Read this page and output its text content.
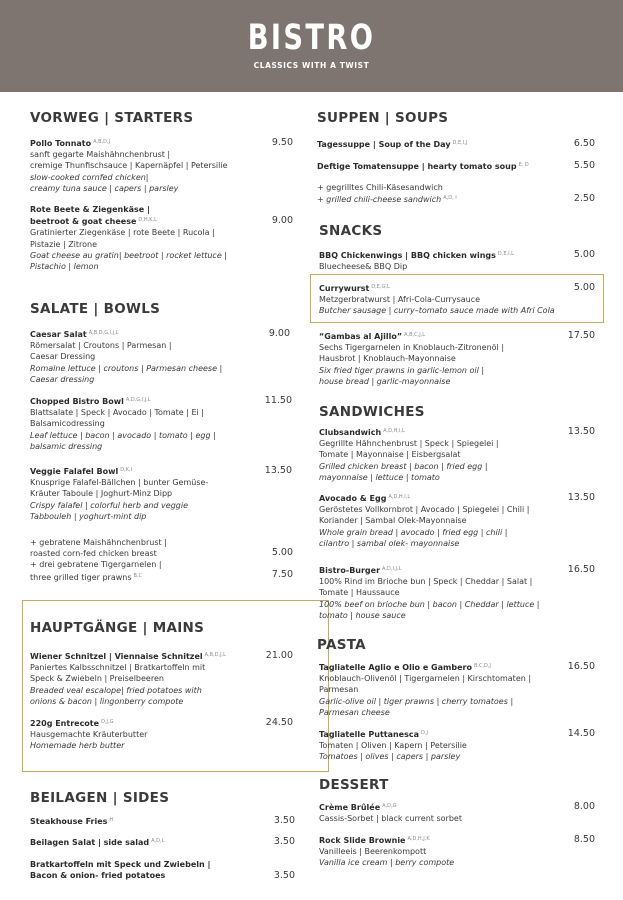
BISTRO
CLASSICS WITH A TWIST
VORWEG | STARTERS
Pollo Tonnato $^{A,B,D,J}$
sanft gegarte Maishähnchenbrust |
cremige Thunfischsauce | Kapernäpfel | Petersilie
slow-cooked cornfed chicken|
creamy tuna sauce | capers | parsley
9.50
Rote Beete & Ziegenkäse |
beetroot & goat cheese $^{D,H,K,L}$
Gratinierter Ziegenkäse | rote Beete | Rucola |
Pistazie | Zitrone
Goat cheese au gratin| beetroot | rocket lettuce |
Pistachio | lemon
9.00
SALATE | BOWLS
Caesar Salat $^{A,B,D,G,I,J,L}$
Römersalat | Croutons | Parmesan |
Caesar Dressing
Romaine lettuce | croutons | Parmesan cheese |
Caesar dressing
9.00
Chopped Bistro Bowl $^{A,D,G,I,J,L}$
Blattsalate | Speck | Avocado | Tomate | Ei |
Balsamicodressing
Leaf lettuce | bacon | avocado | tomato | egg |
balsamic dressing
11.50
Veggie Falafel Bowl $^{D,K,I}$
Knusprige Falafel-Bällchen | bunter Gemüse-
Kräuter Taboule | Joghurt-Minz Dipp
Crispy falafel | colorful herb and veggie
Tabbouleh | yoghurt-mint dip
13.50
+ gebratene Maishähnchenbrust |
roasted corn-fed chicken breast
+ drei gebratene Tigergarnelen |
three grilled tiger prawns $^{B,C}$
5.00
7.50
HAUPTGÄNGE | MAINS
Wiener Schnitzel | Viennaise Schnitzel $^{A,B,D,J,L}$
Paniertes Kalbsschnitzel | Bratkartoffeln mit
Speck & Zwiebeln | Preiselbeeren
Breaded veal escalope| fried potatoes with
onions & bacon | lingonberry compote
21.00
220g Entrecote $^{D,J,G}$
Hausgemachte Kräuterbutter
Homemade herb butter
24.50
BEILAGEN | SIDES
Steakhouse Fries $^H$	3.50
Beilagen Salat | side salad $^{A,D,L}$	3.50
Bratkartoffeln mit Speck und Zwiebeln |
Bacon & onion- fried potatoes	3.50
SUPPEN | SOUPS
Tagessuppe | Soup of the Day $^{D,E,I,J}$	6.50
Deftige Tomatensuppe | hearty tomato soup $^{E, D}$	5.50
+ gegrilltes Chili-Käsesandwich
+ grilled chili-cheese sandwich $^{A,D, I}$	2.50
SNACKS
BBQ Chickenwings | BBQ chicken wings $^{D,E,I,L}$
Bluecheese& BBQ Dip
5.00
Currywurst $^{D,E,G,L}$
Metzgerbratwurst | Afri-Cola-Currysauce
Butcher sausage | curry–tomato sauce made with Afri Cola
5.00
“Gambas al Ajillo” $^{A,B,C,J,L}$
Sechs Tigergarnelen in Knoblauch-Zitronenöl |
Hausbrot | Knoblauch-Mayonnaise
Six fried tiger prawns in garlic-lemon oil |
house bread | garlic-mayonnaise
17.50
SANDWICHES
Clubsandwich $^{A,D,H,I,L}$
Gegrillte Hähnchenbrust | Speck | Spiegelei |
Tomate | Mayonnaise | Eisbergsalat
Grilled chicken breast | bacon | fried egg |
mayonnaise | lettuce | tomato
13.50
Avocado & Egg $^{A,D,H,I,L}$
Geröstetes Vollkornbrot | Avocado | Spiegelei | Chili |
Koriander | Sambal Olek-Mayonnaise
Whole grain bread | avocado | fried egg | chili |
cilantro | sambal olek- mayonnaise
13.50
Bistro-Burger $^{A,D,I,J,L}$
100% Rind im Brioche bun | Speck | Cheddar | Salat |
Tomate | Haussauce
100% beef on brioche bun | bacon | Cheddar | lettuce |
tomato | house sauce
16.50
PASTA
Tagliatelle Aglio e Olio e Gambero $^{B,C,D,J}$
Knoblauch-Olivenöl | Tigergarnelen | Kirschtomaten |
Parmesan
Garlic-olive oil | tiger prawns | cherry tomatoes |
Parmesan cheese
16.50
Tagliatelle Puttanesca $^{D,J}$
Tomaten | Oliven | Kapern | Petersilie
Tomatoes | olives | capers | parsley
14.50
DESSERT
Crème Brûlée $^{A,D,G}$
Cassis-Sorbet | black current sorbet
8.00
Rock Slide Brownie $^{A,D,H,J,K}$
Vanilleeis | Beerenkompott
Vanilla ice cream | berry compote
8.50
